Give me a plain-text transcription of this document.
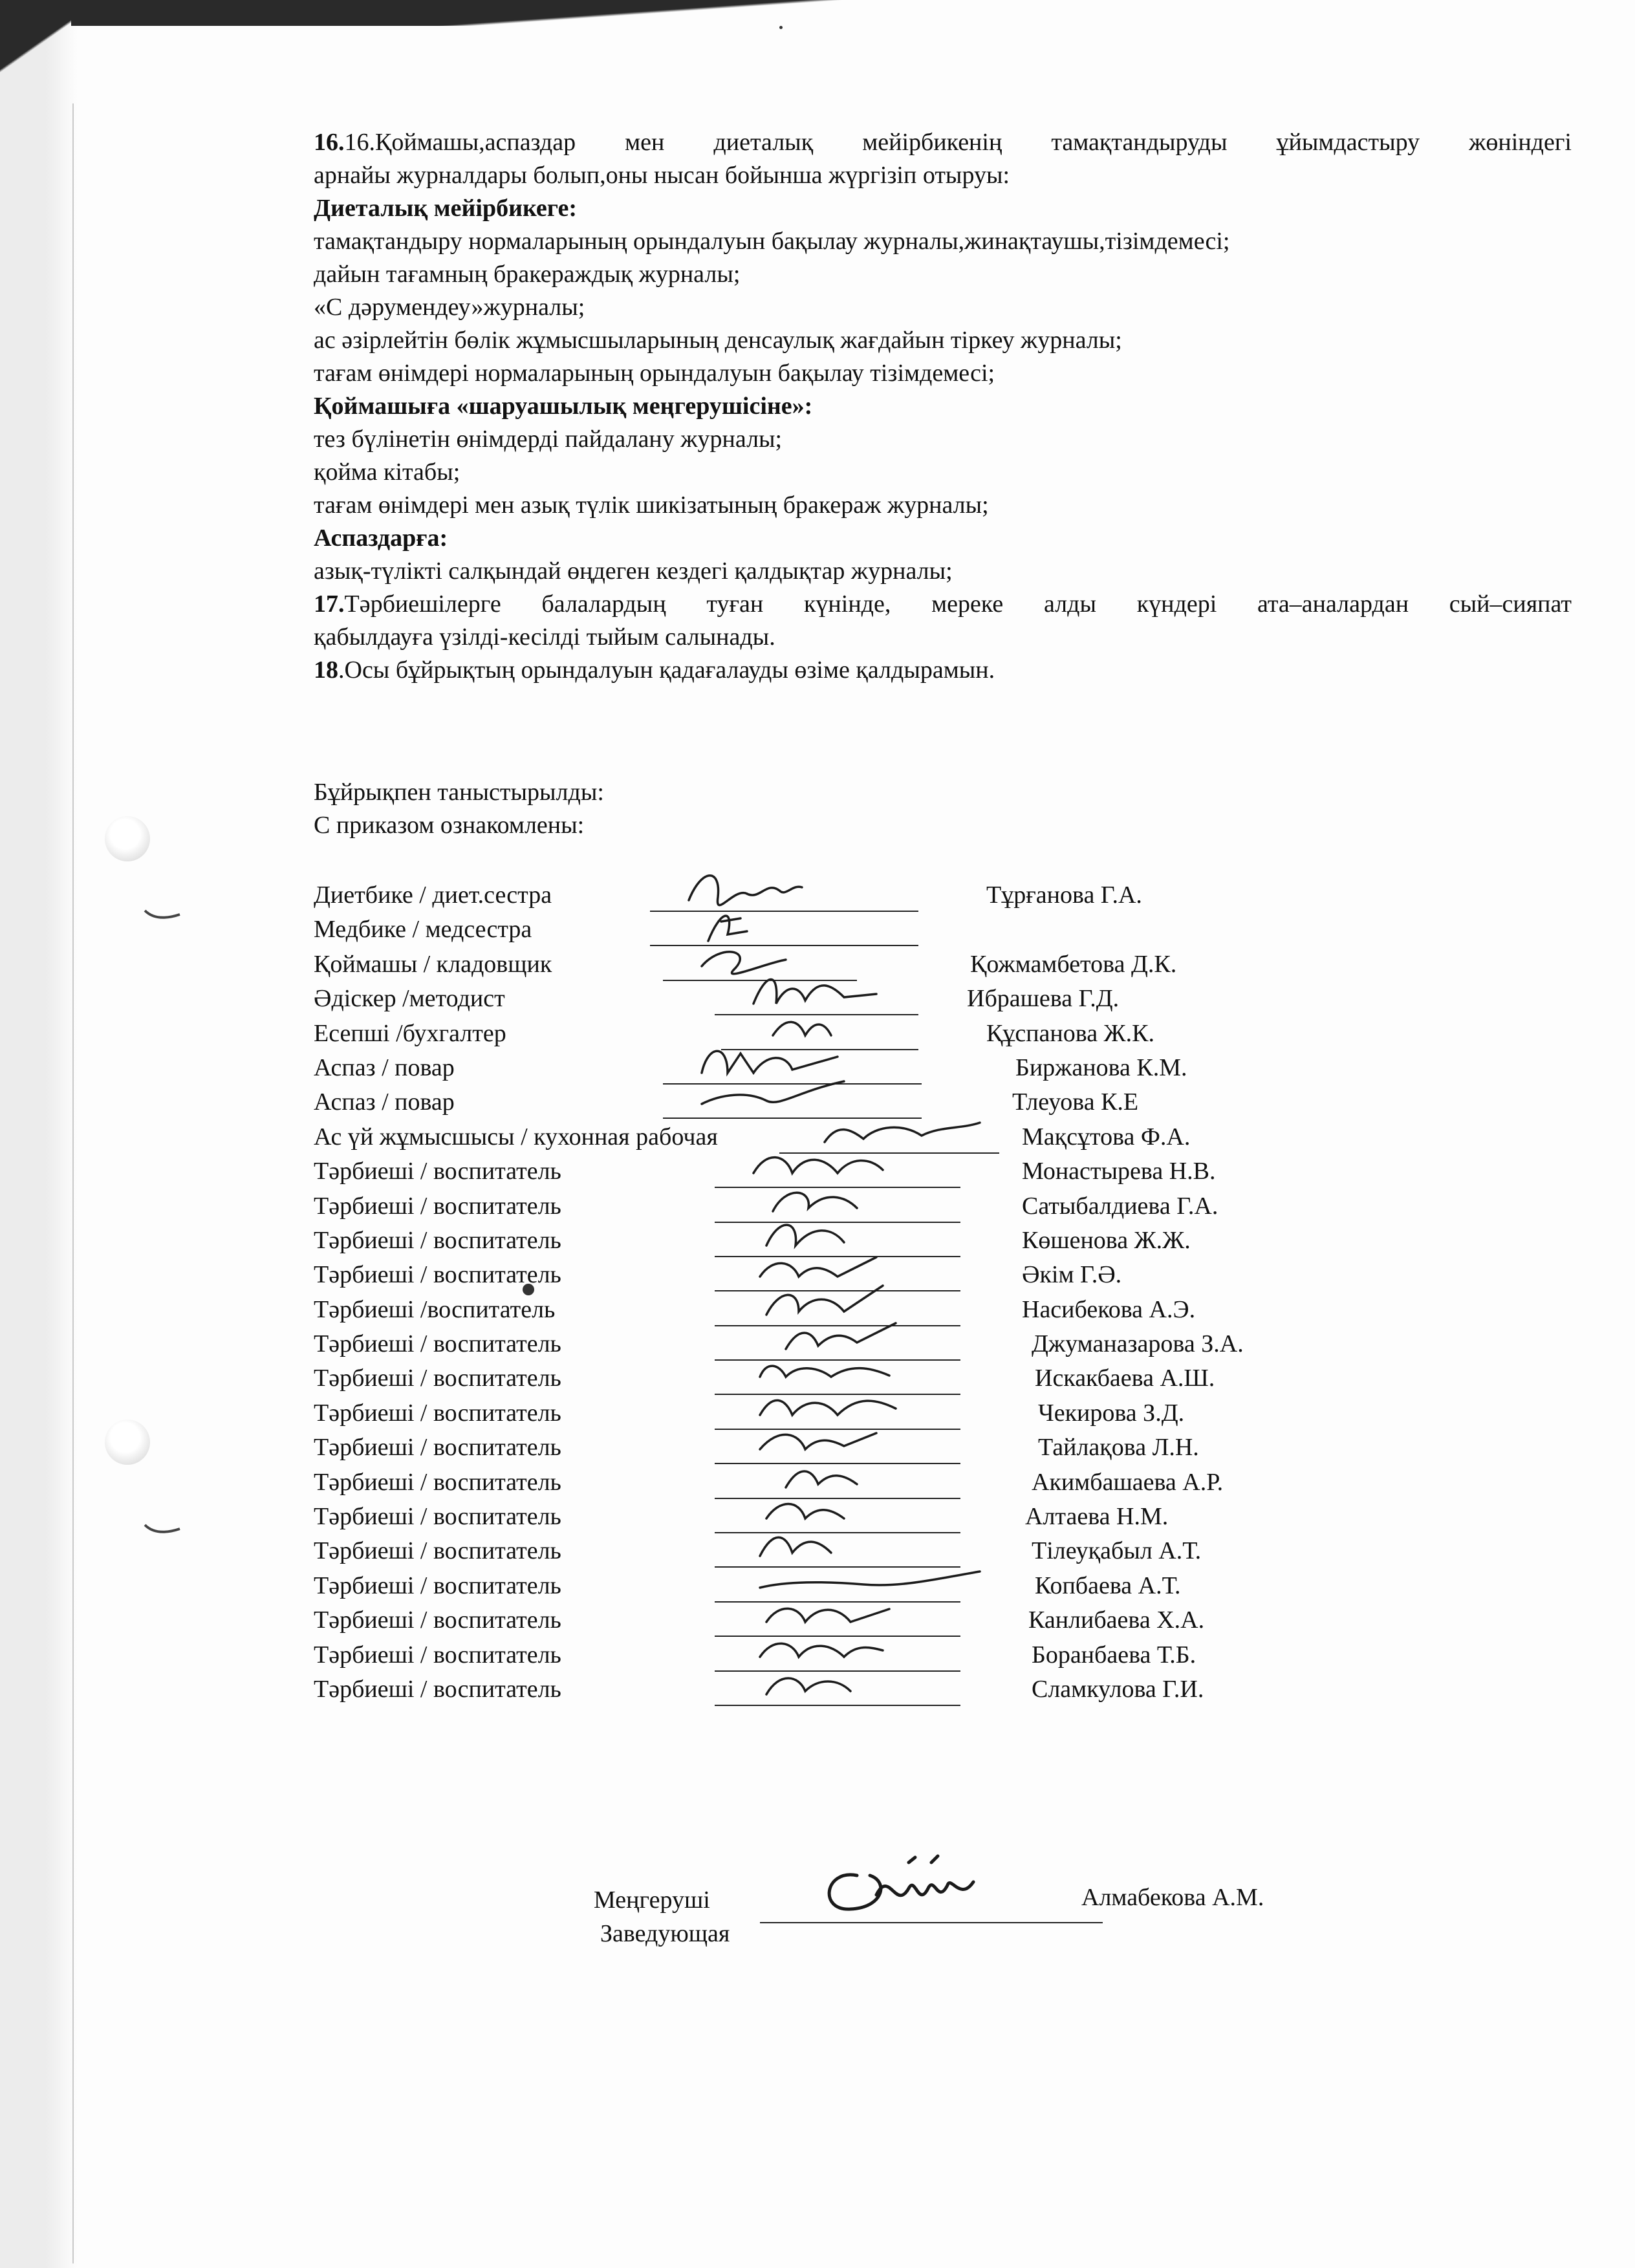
16.16.Қоймашы,аспаздар мен диеталық мейірбикенің тамақтандыруды ұйымдастыру жөніндегі

арнайы журналдары болып,оны нысан бойынша жүргізіп отыруы:

Диеталық мейірбикеге:

тамақтандыру нормаларының орындалуын бақылау журналы,жинақтаушы,тізімдемесі;

дайын тағамның бракераждық журналы;

«С дәрумендеу»журналы;

ас әзірлейтін бөлік жұмысшыларының денсаулық жағдайын тіркеу журналы;

тағам өнімдері нормаларының орындалуын бақылау тізімдемесі;

Қоймашыға «шаруашылық меңгерушісіне»:

тез бүлінетін өнімдерді пайдалану журналы;

қойма кітабы;

тағам өнімдері мен азық түлік шикізатының бракераж журналы;

Аспаздарға:

азық-түлікті салқындай өңдеген кездегі қалдықтар журналы;

17.Тәрбиешілерге балалардың туған күнінде, мереке алды күндері ата–аналардан сый–сияпат

қабылдауға үзілді-кесілді тыйым салынады.

18.Осы бұйрықтың орындалуын қадағалауды өзіме қалдырамын.

Бұйрықпен таныстырылды:
С приказом ознакомлены:
Диетбике / диет.сестра	Тұрғанова Г.А.
Медбике / медсестра
Қоймашы / кладовщик	Қожмамбетова Д.К.
Әдіскер /методист	Ибрашева Г.Д.
Есепші /бухгалтер	Құспанова Ж.К.
Аспаз / повар	Биржанова К.М.
Аспаз / повар	Тлеуова К.Е
Ас үй жұмысшысы / кухонная рабочая	Мақсұтова Ф.А.
Тәрбиеші / воспитатель	Монастырева Н.В.
Тәрбиеші / воспитатель	Сатыбалдиева Г.А.
Тәрбиеші / воспитатель	Көшенова Ж.Ж.
Тәрбиеші / воспитатель	Әкім Г.Ә.
Тәрбиеші /воспитатель	Насибекова А.Э.
Тәрбиеші / воспитатель	Джуманазарова З.А.
Тәрбиеші / воспитатель	Искакбаева А.Ш.
Тәрбиеші / воспитатель	Чекирова З.Д.
Тәрбиеші / воспитатель	Тайлақова Л.Н.
Тәрбиеші / воспитатель	Акимбашаева А.Р.
Тәрбиеші / воспитатель	Алтаева Н.М.
Тәрбиеші / воспитатель	Тілеуқабыл А.Т.
Тәрбиеші / воспитатель	Копбаева А.Т.
Тәрбиеші / воспитатель	Канлибаева Х.А.
Тәрбиеші / воспитатель	Боранбаева Т.Б.
Тәрбиеші / воспитатель	Сламкулова Г.И.
Меңгеруші
Заведующая
Алмабекова А.М.
